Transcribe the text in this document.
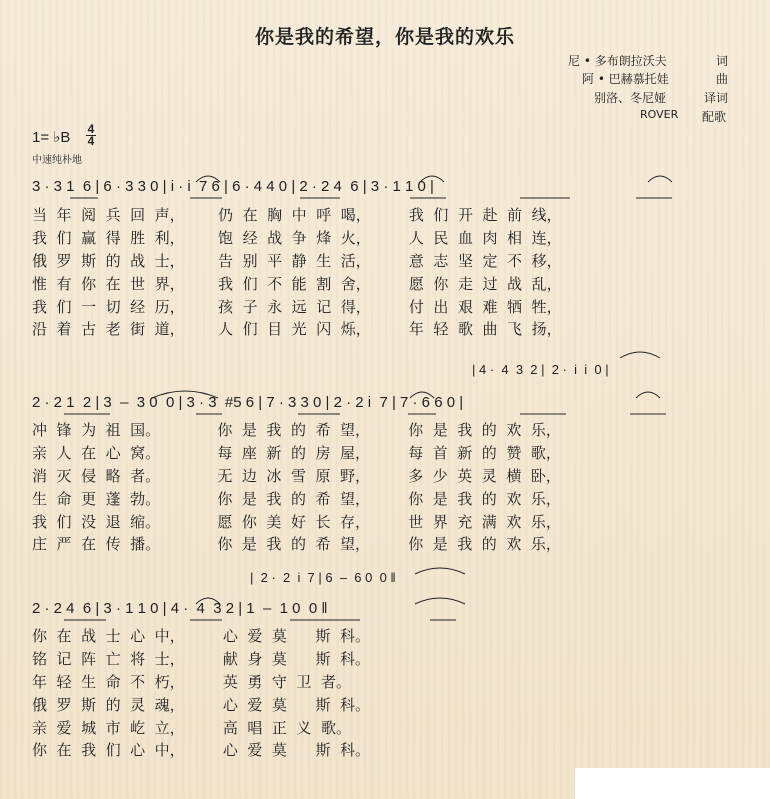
你是我的希望，你是我的欢乐
尼 • 多布朗拉沃夫	词
阿 • 巴赫慕托娃	曲
别洛、冬尼娅	译词
ROVER 配歌
1= ♭B 4
4
中速纯朴地
3 · 3 1  6 | 6 · 3 3 0 | i · i  7 6 | 6 · 4 4 0 | 2 · 2 4  6 | 3 · 1 1 0 |
当  年  阅  兵  回  声，       仍  在  胸  中  呼  喝，        我  们  开  赴  前  线，
我  们  赢  得  胜  利，       饱  经  战  争  烽  火，        人  民  血  肉  相  连，
俄  罗  斯  的  战  士，       告  别  平  静  生  活，        意  志  坚  定  不  移，
惟  有  你  在  世  界，       我  们  不  能  割  舍，        愿  你  走  过  战  乱，
我  们  一  切  经  历，       孩  子  永  远  记  得，        付  出  艰  难  牺  牲，
沿  着  古  老  街  道，       人  们  目  光  闪  烁，        年  轻  歌  曲  飞  扬，
| 4 ·  4  3  2 |  2 ·  i  i  0 |
2 · 2 1  2 | 3  –  3 0  0 | 3 · 3  #5 6 | 7 · 3 3 0 | 2 · 2 i  7 | 7 · 6 6 0 |
冲  锋  为  祖  国。            你  是  我  的  希  望，        你  是  我  的  欢  乐，
亲  人  在  心  窝。            每  座  新  的  房  屋，        每  首  新  的  赞  歌，
消  灭  侵  略  者。            无  边  冰  雪  原  野，        多  少  英  灵  横  卧，
生  命  更  蓬  勃。            你  是  我  的  希  望，        你  是  我  的  欢  乐，
我  们  没  退  缩。            愿  你  美  好  长  存，        世  界  充  满  欢  乐，
庄  严  在  传  播。            你  是  我  的  希  望，        你  是  我  的  欢  乐，
|  2 ·  2  i  7 | 6  –  6 0  0 ‖
2 · 2 4  6 | 3 · 1 1 0 | 4 ·  4  3 2 | 1  –  1 0  0 ‖
你  在  战  士  心  中，        心  爱  莫      斯  科。
铭  记  阵  亡  将  士，        献  身  莫      斯  科。
年  轻  生  命  不  朽，        英  勇  守  卫  者。
俄  罗  斯  的  灵  魂，        心  爱  莫      斯  科。
亲  爱  城  市  屹  立，        高  唱  正  义  歌。
你  在  我  们  心  中，        心  爱  莫      斯  科。
